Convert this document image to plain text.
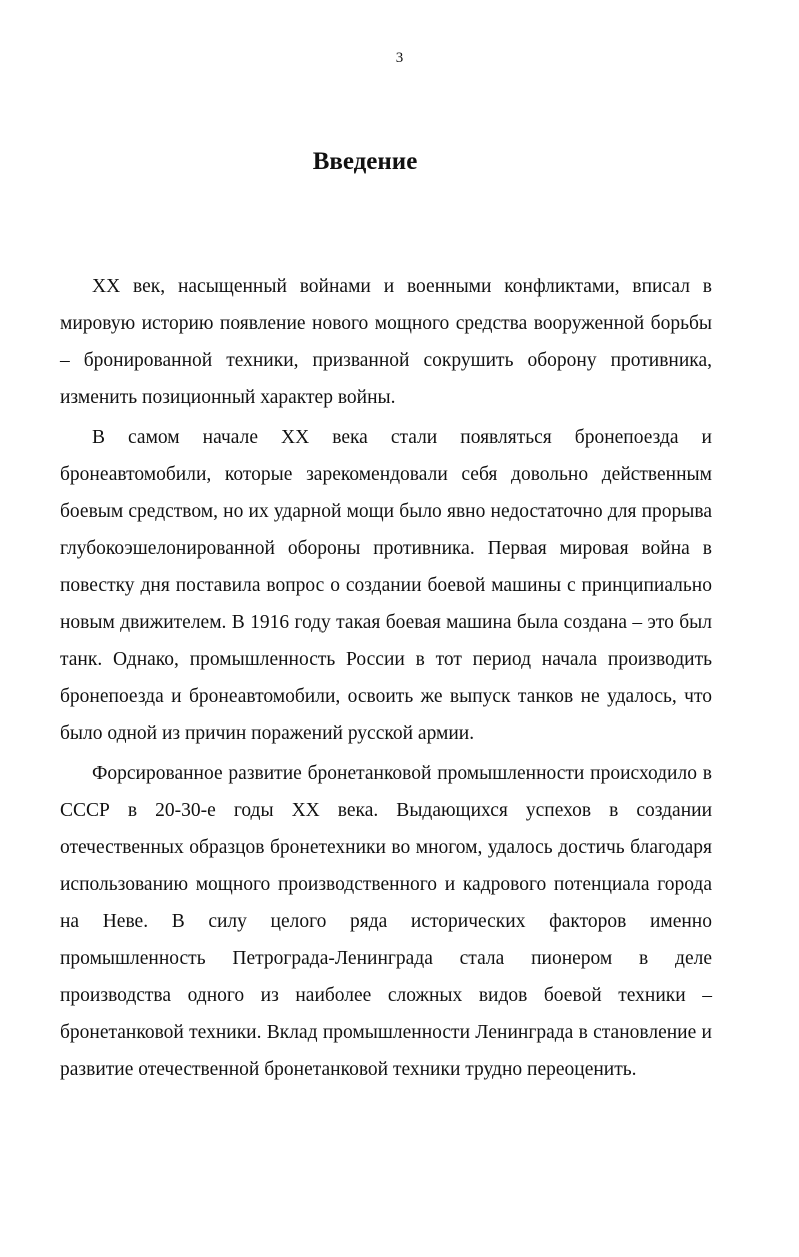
3
Введение

XX век, насыщенный войнами и военными конфликтами, вписал в мировую историю появление нового мощного средства вооруженной борьбы – бронированной техники, призванной сокрушить оборону противника, изменить позиционный характер войны.

В самом начале XX века стали появляться бронепоезда и бронеавтомобили, которые зарекомендовали себя довольно действенным боевым средством, но их ударной мощи было явно недостаточно для прорыва глубокоэшелонированной обороны противника. Первая мировая война в повестку дня поставила вопрос о создании боевой машины с принципиально новым движителем. В 1916 году такая боевая машина была создана – это был танк. Однако, промышленность России в тот период начала производить бронепоезда и бронеавтомобили, освоить же выпуск танков не удалось, что было одной из причин поражений русской армии.

Форсированное развитие бронетанковой промышленности происходило в СССР в 20-30-е годы XX века. Выдающихся успехов в создании отечественных образцов бронетехники во многом, удалось достичь благодаря использованию мощного производственного и кадрового потенциала города на Неве. В силу целого ряда исторических факторов именно промышленность Петрограда-Ленинграда стала пионером в деле производства одного из наиболее сложных видов боевой техники – бронетанковой техники. Вклад промышленности Ленинграда в становление и развитие отечественной бронетанковой техники трудно переоценить.
